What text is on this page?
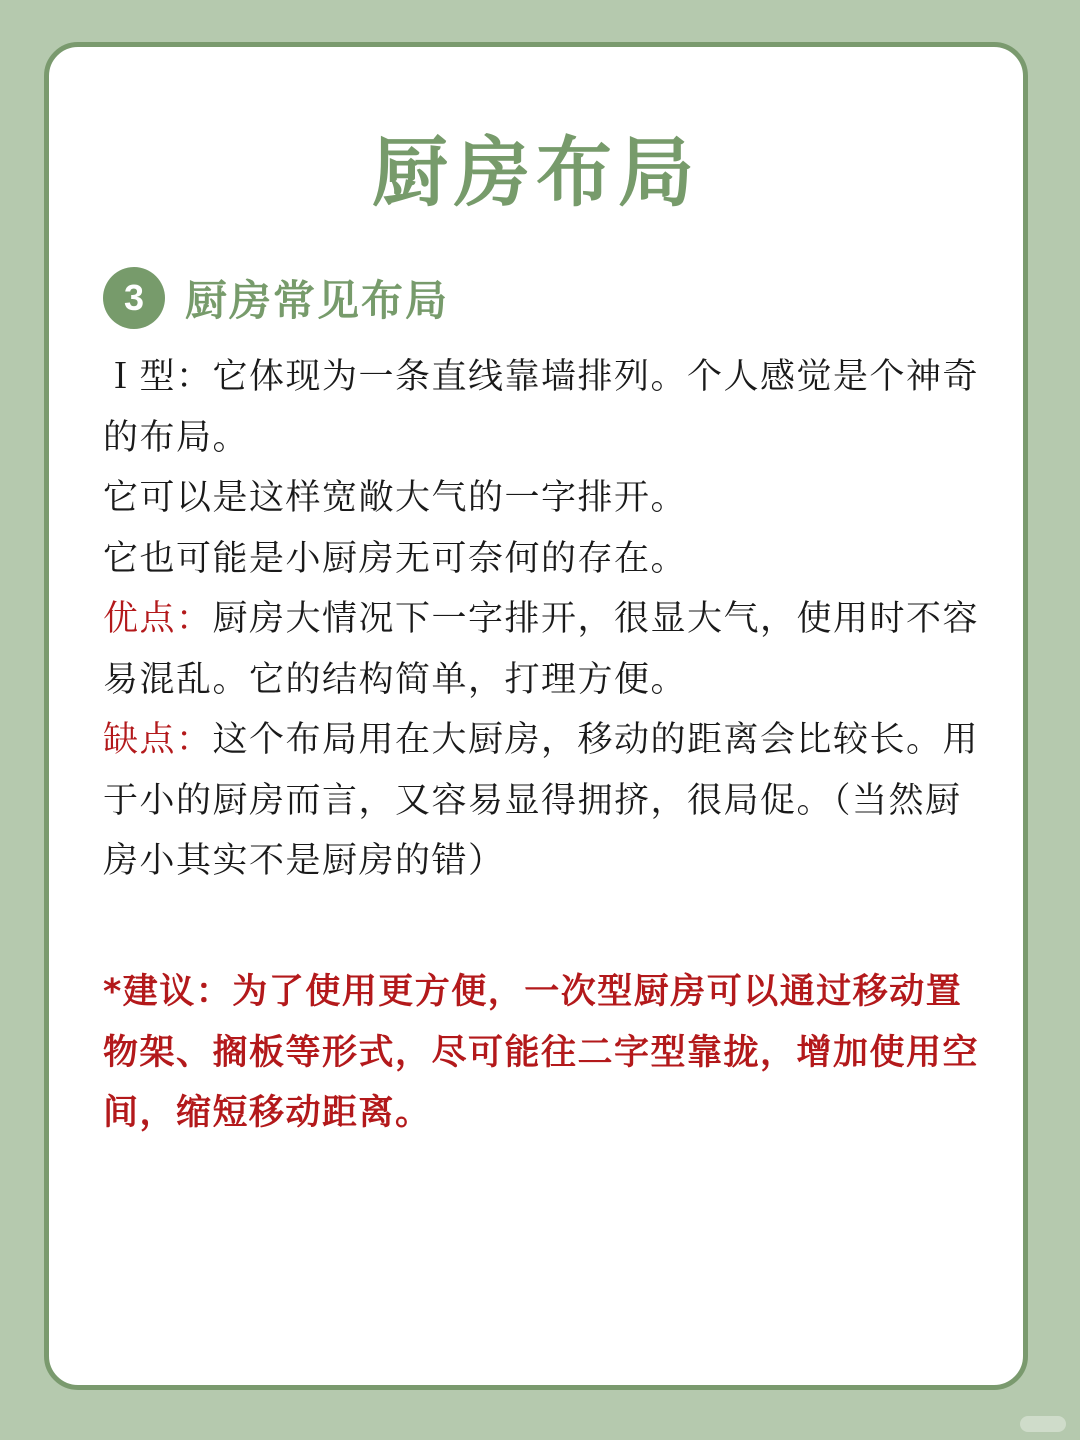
厨房布局
3 厨房常见布局

Ｉ型：它体现为一条直线靠墙排列。个人感觉是个神奇的布局。

它可以是这样宽敞大气的一字排开。

它也可能是小厨房无可奈何的存在。

优点：厨房大情况下一字排开，很显大气，使用时不容易混乱。它的结构简单，打理方便。

缺点：这个布局用在大厨房，移动的距离会比较长。用于小的厨房而言，又容易显得拥挤，很局促。（当然厨房小其实不是厨房的错）

*建议：为了使用更方便，一次型厨房可以通过移动置物架、搁板等形式，尽可能往二字型靠拢，增加使用空间，缩短移动距离。
